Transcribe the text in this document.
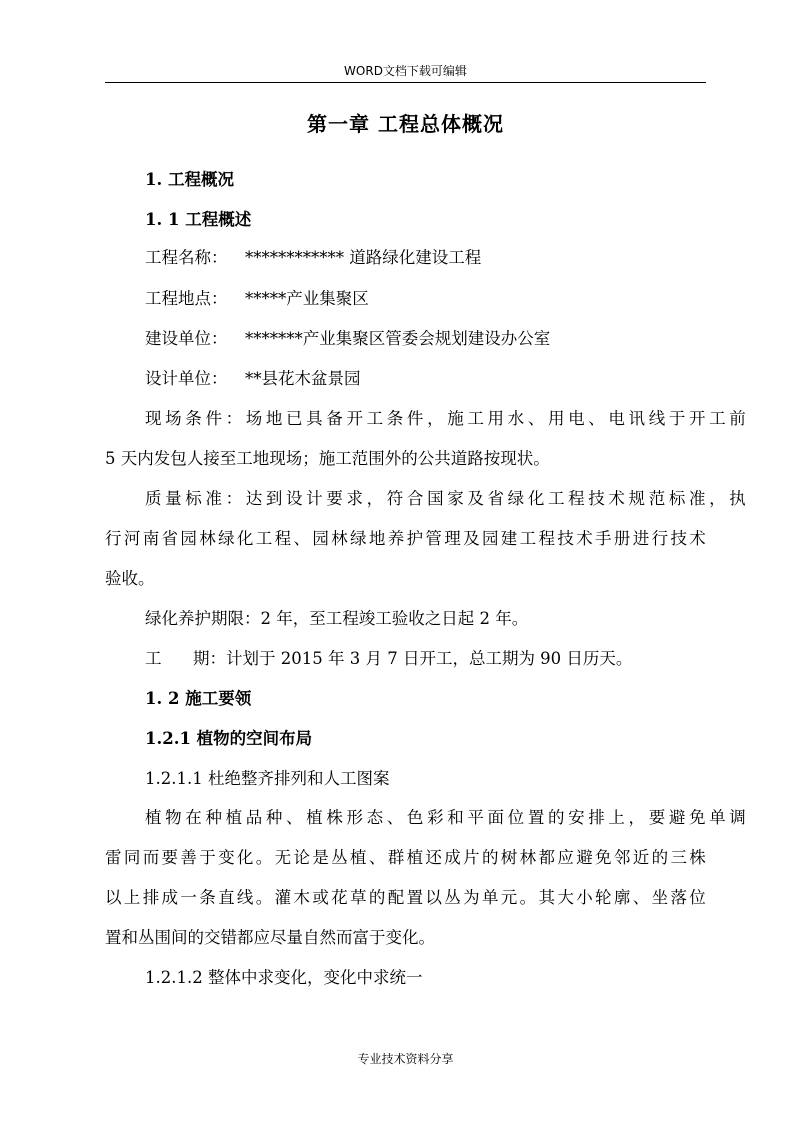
WORD文档下载可编辑
第一章 工程总体概况
1. 工程概况
1. 1 工程概述
工程名称： ************ 道路绿化建设工程
工程地点： *****产业集聚区
建设单位： *******产业集聚区管委会规划建设办公室
设计单位： **县花木盆景园
现场条件：场地已具备开工条件，施工用水、用电、电讯线于开工前
5 天内发包人接至工地现场；施工范围外的公共道路按现状。
质量标准：达到设计要求，符合国家及省绿化工程技术规范标准，执
行河南省园林绿化工程、园林绿地养护管理及园建工程技术手册进行技术
验收。
绿化养护期限：2 年，至工程竣工验收之日起 2 年。
工      期：计划于 2015 年 3 月 7 日开工，总工期为 90 日历天。
1. 2 施工要领
1.2.1 植物的空间布局
1.2.1.1 杜绝整齐排列和人工图案
植物在种植品种、植株形态、色彩和平面位置的安排上，要避免单调
雷同而要善于变化。无论是丛植、群植还成片的树林都应避免邻近的三株
以上排成一条直线。灌木或花草的配置以丛为单元。其大小轮廓、坐落位
置和丛围间的交错都应尽量自然而富于变化。
1.2.1.2 整体中求变化，变化中求统一
专业技术资料分享
